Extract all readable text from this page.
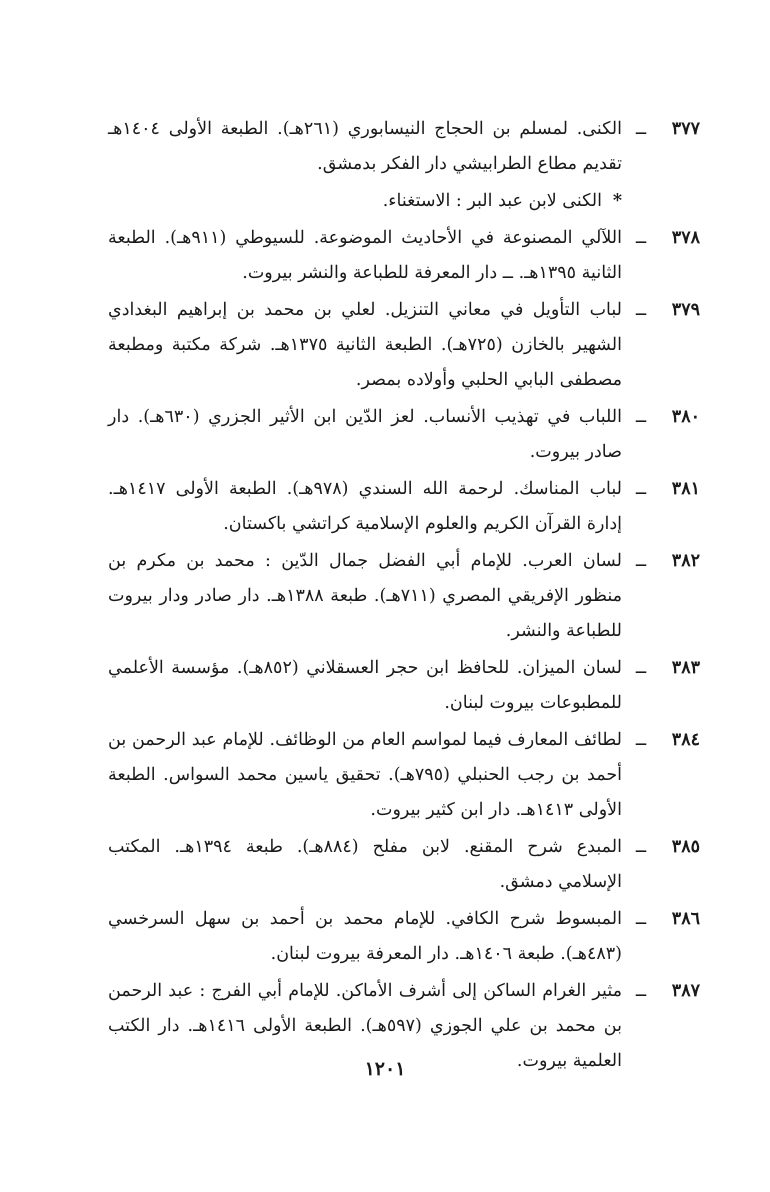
٣٧٧
ــ
الكنى. لمسلم بن الحجاج النيسابوري (٢٦١هـ). الطبعة الأولى ١٤٠٤هـ تقديم مطاع الطرابيشي دار الفكر بدمشق.
*
الكنى لابن عبد البر : الاستغناء.
٣٧٨
ــ
اللآلي المصنوعة في الأحاديث الموضوعة. للسيوطي (٩١١هـ). الطبعة الثانية ١٣٩٥هـ. ــ دار المعرفة للطباعة والنشر بيروت.
٣٧٩
ــ
لباب التأويل في معاني التنزيل. لعلي بن محمد بن إبراهيم البغدادي الشهير بالخازن (٧٢٥هـ). الطبعة الثانية ١٣٧٥هـ. شركة مكتبة ومطبعة مصطفى البابي الحلبي وأولاده بمصر.
٣٨٠
ــ
اللباب في تهذيب الأنساب. لعز الدّين ابن الأثير الجزري (٦٣٠هـ). دار صادر بيروت.
٣٨١
ــ
لباب المناسك. لرحمة الله السندي (٩٧٨هـ). الطبعة الأولى ١٤١٧هـ. إدارة القرآن الكريم والعلوم الإسلامية كراتشي باكستان.
٣٨٢
ــ
لسان العرب. للإمام أبي الفضل جمال الدّين : محمد بن مكرم بن منظور الإفريقي المصري (٧١١هـ). طبعة ١٣٨٨هـ. دار صادر ودار بيروت للطباعة والنشر.
٣٨٣
ــ
لسان الميزان. للحافظ ابن حجر العسقلاني (٨٥٢هـ). مؤسسة الأعلمي للمطبوعات بيروت لبنان.
٣٨٤
ــ
لطائف المعارف فيما لمواسم العام من الوظائف. للإمام عبد الرحمن بن أحمد بن رجب الحنبلي (٧٩٥هـ). تحقيق ياسين محمد السواس. الطبعة الأولى ١٤١٣هـ. دار ابن كثير بيروت.
٣٨٥
ــ
المبدع شرح المقنع. لابن مفلح (٨٨٤هـ). طبعة ١٣٩٤هـ. المكتب الإسلامي دمشق.
٣٨٦
ــ
المبسوط شرح الكافي. للإمام محمد بن أحمد بن سهل السرخسي (٤٨٣هـ). طبعة ١٤٠٦هـ. دار المعرفة بيروت لبنان.
٣٨٧
ــ
مثير الغرام الساكن إلى أشرف الأماكن. للإمام أبي الفرج : عبد الرحمن بن محمد بن علي الجوزي (٥٩٧هـ). الطبعة الأولى ١٤١٦هـ. دار الكتب العلمية بيروت.
١٢٠١
